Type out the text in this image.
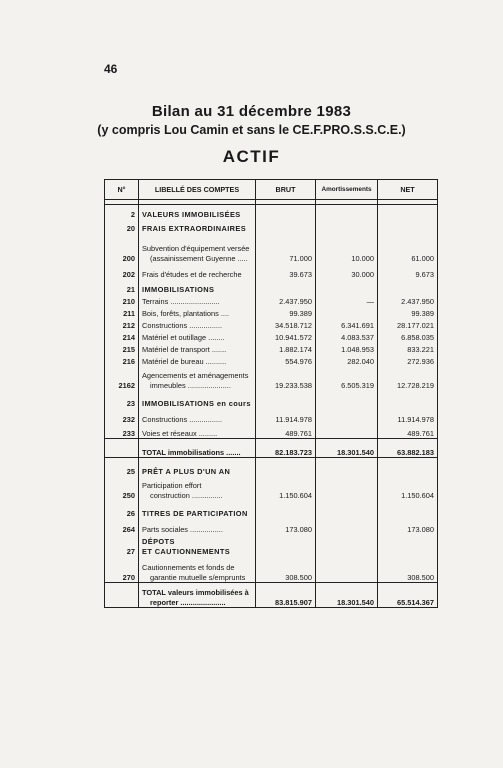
46
Bilan au 31 décembre 1983
(y compris Lou Camin et sans le CE.F.PRO.S.S.C.E.)
ACTIF
N°	LIBELLÉ DES COMPTES	BRUT	Amortissements	NET

2	VALEURS IMMOBILISÉES			

20	FRAIS EXTRAORDINAIRES			

200	Subvention d'équipement versée
(assainissement Guyenne .....	71.000	10.000	61.000
202	Frais d'études et de recherche	39.673	30.000	9.673
21	IMMOBILISATIONS			

210	Terrains ........................	2.437.950	—	2.437.950
211	Bois, forêts, plantations ....	99.389		99.389
212	Constructions ................	34.518.712	6.341.691	28.177.021
214	Matériel et outillage ........	10.941.572	4.083.537	6.858.035
215	Matériel de transport .......	1.882.174	1.048.953	833.221
216	Matériel de bureau ..........	554.976	282.040	272.936
2162	Agencements et aménagements
immeubles .....................	19.233.538	6.505.319	12.728.219
23	IMMOBILISATIONS en cours			

232	Constructions ................	11.914.978		11.914.978
233	Voies et réseaux .........	489.761		489.761

	TOTAL immobilisations .......	82.183.723	18.301.540	63.882.183
25	PRÊT A PLUS D'UN AN			

250	Participation effort
construction ...............	1.150.604		1.150.604
26	TITRES DE PARTICIPATION			

264	Parts sociales ................	173.080		173.080
27	DÉPOTS
ET CAUTIONNEMENTS			

270	Cautionnements et fonds de
garantie mutuelle s/emprunts	308.500		308.500

	TOTAL valeurs immobilisées à
reporter ......................	83.815.907	18.301.540	65.514.367
